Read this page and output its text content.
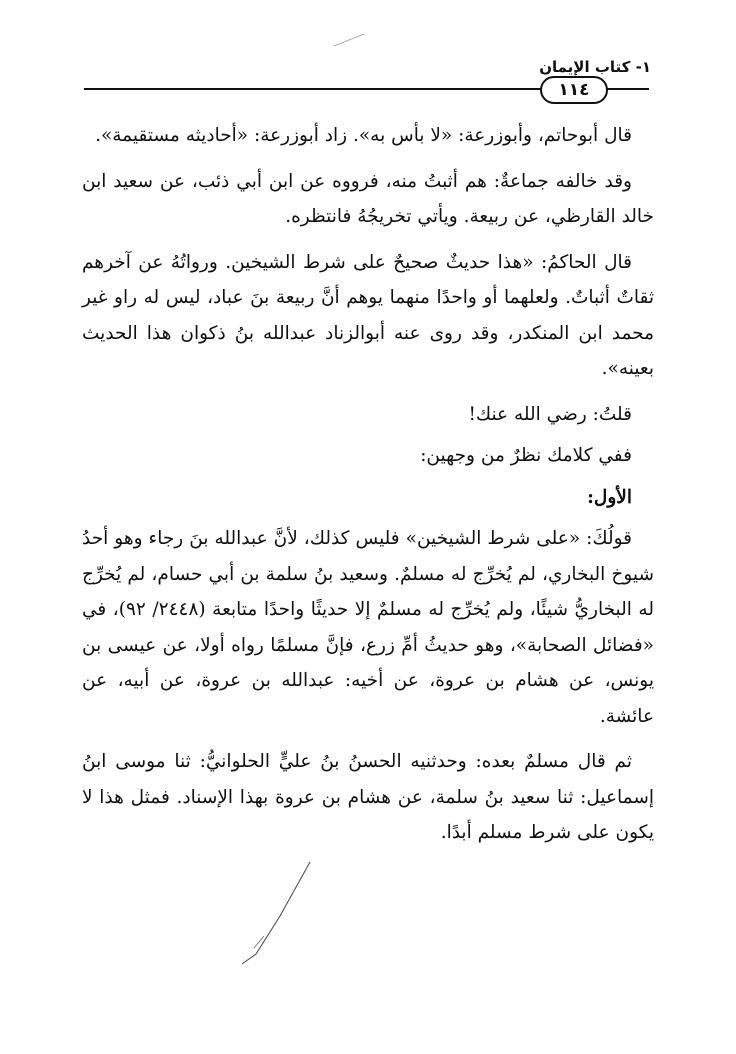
١- كتاب الإيمان
١١٤

قال أبوحاتم، وأبوزرعة: «لا بأس به». زاد أبوزرعة: «أحاديثه مستقيمة».

وقد خالفه جماعةٌ: هم أثبتُ منه، فرووه عن ابن أبي ذئب، عن سعيد ابن خالد القارظي، عن ربيعة. ويأتي تخريجُهُ فانتظره.

قال الحاكمُ: «هذا حديثٌ صحيحٌ على شرط الشيخين. ورواتُهُ عن آخرهم ثقاتٌ أثباتٌ. ولعلهما أو واحدًا منهما يوهم أنَّ ربيعة بنَ عباد، ليس له راو غير محمد ابن المنكدر، وقد روى عنه أبوالزناد عبدالله بنُ ذكوان هذا الحديث بعينه».

قلتُ: رضي الله عنك!

ففي كلامك نظرٌ من وجهين:

الأول:

قولُكَ: «على شرط الشيخين» فليس كذلك، لأنَّ عبدالله بنَ رجاء وهو أحدُ شيوخ البخاري، لم يُخرِّج له مسلمٌ. وسعيد بنُ سلمة بن أبي حسام، لم يُخرِّج له البخاريُّ شيئًا، ولم يُخرِّج له مسلمٌ إلا حديثًا واحدًا متابعة (٢٤٤٨/ ٩٢)، في «فضائل الصحابة»، وهو حديثُ أمِّ زرع، فإنَّ مسلمًا رواه أولا، عن عيسى بن يونس، عن هشام بن عروة، عن أخيه: عبدالله بن عروة، عن أبيه، عن عائشة.

ثم قال مسلمٌ بعده: وحدثنيه الحسنُ بنُ عليٍّ الحلوانيُّ: ثنا موسى ابنُ إسماعيل: ثنا سعيد بنُ سلمة، عن هشام بن عروة بهذا الإسناد. فمثل هذا لا يكون على شرط مسلم أبدًا.
